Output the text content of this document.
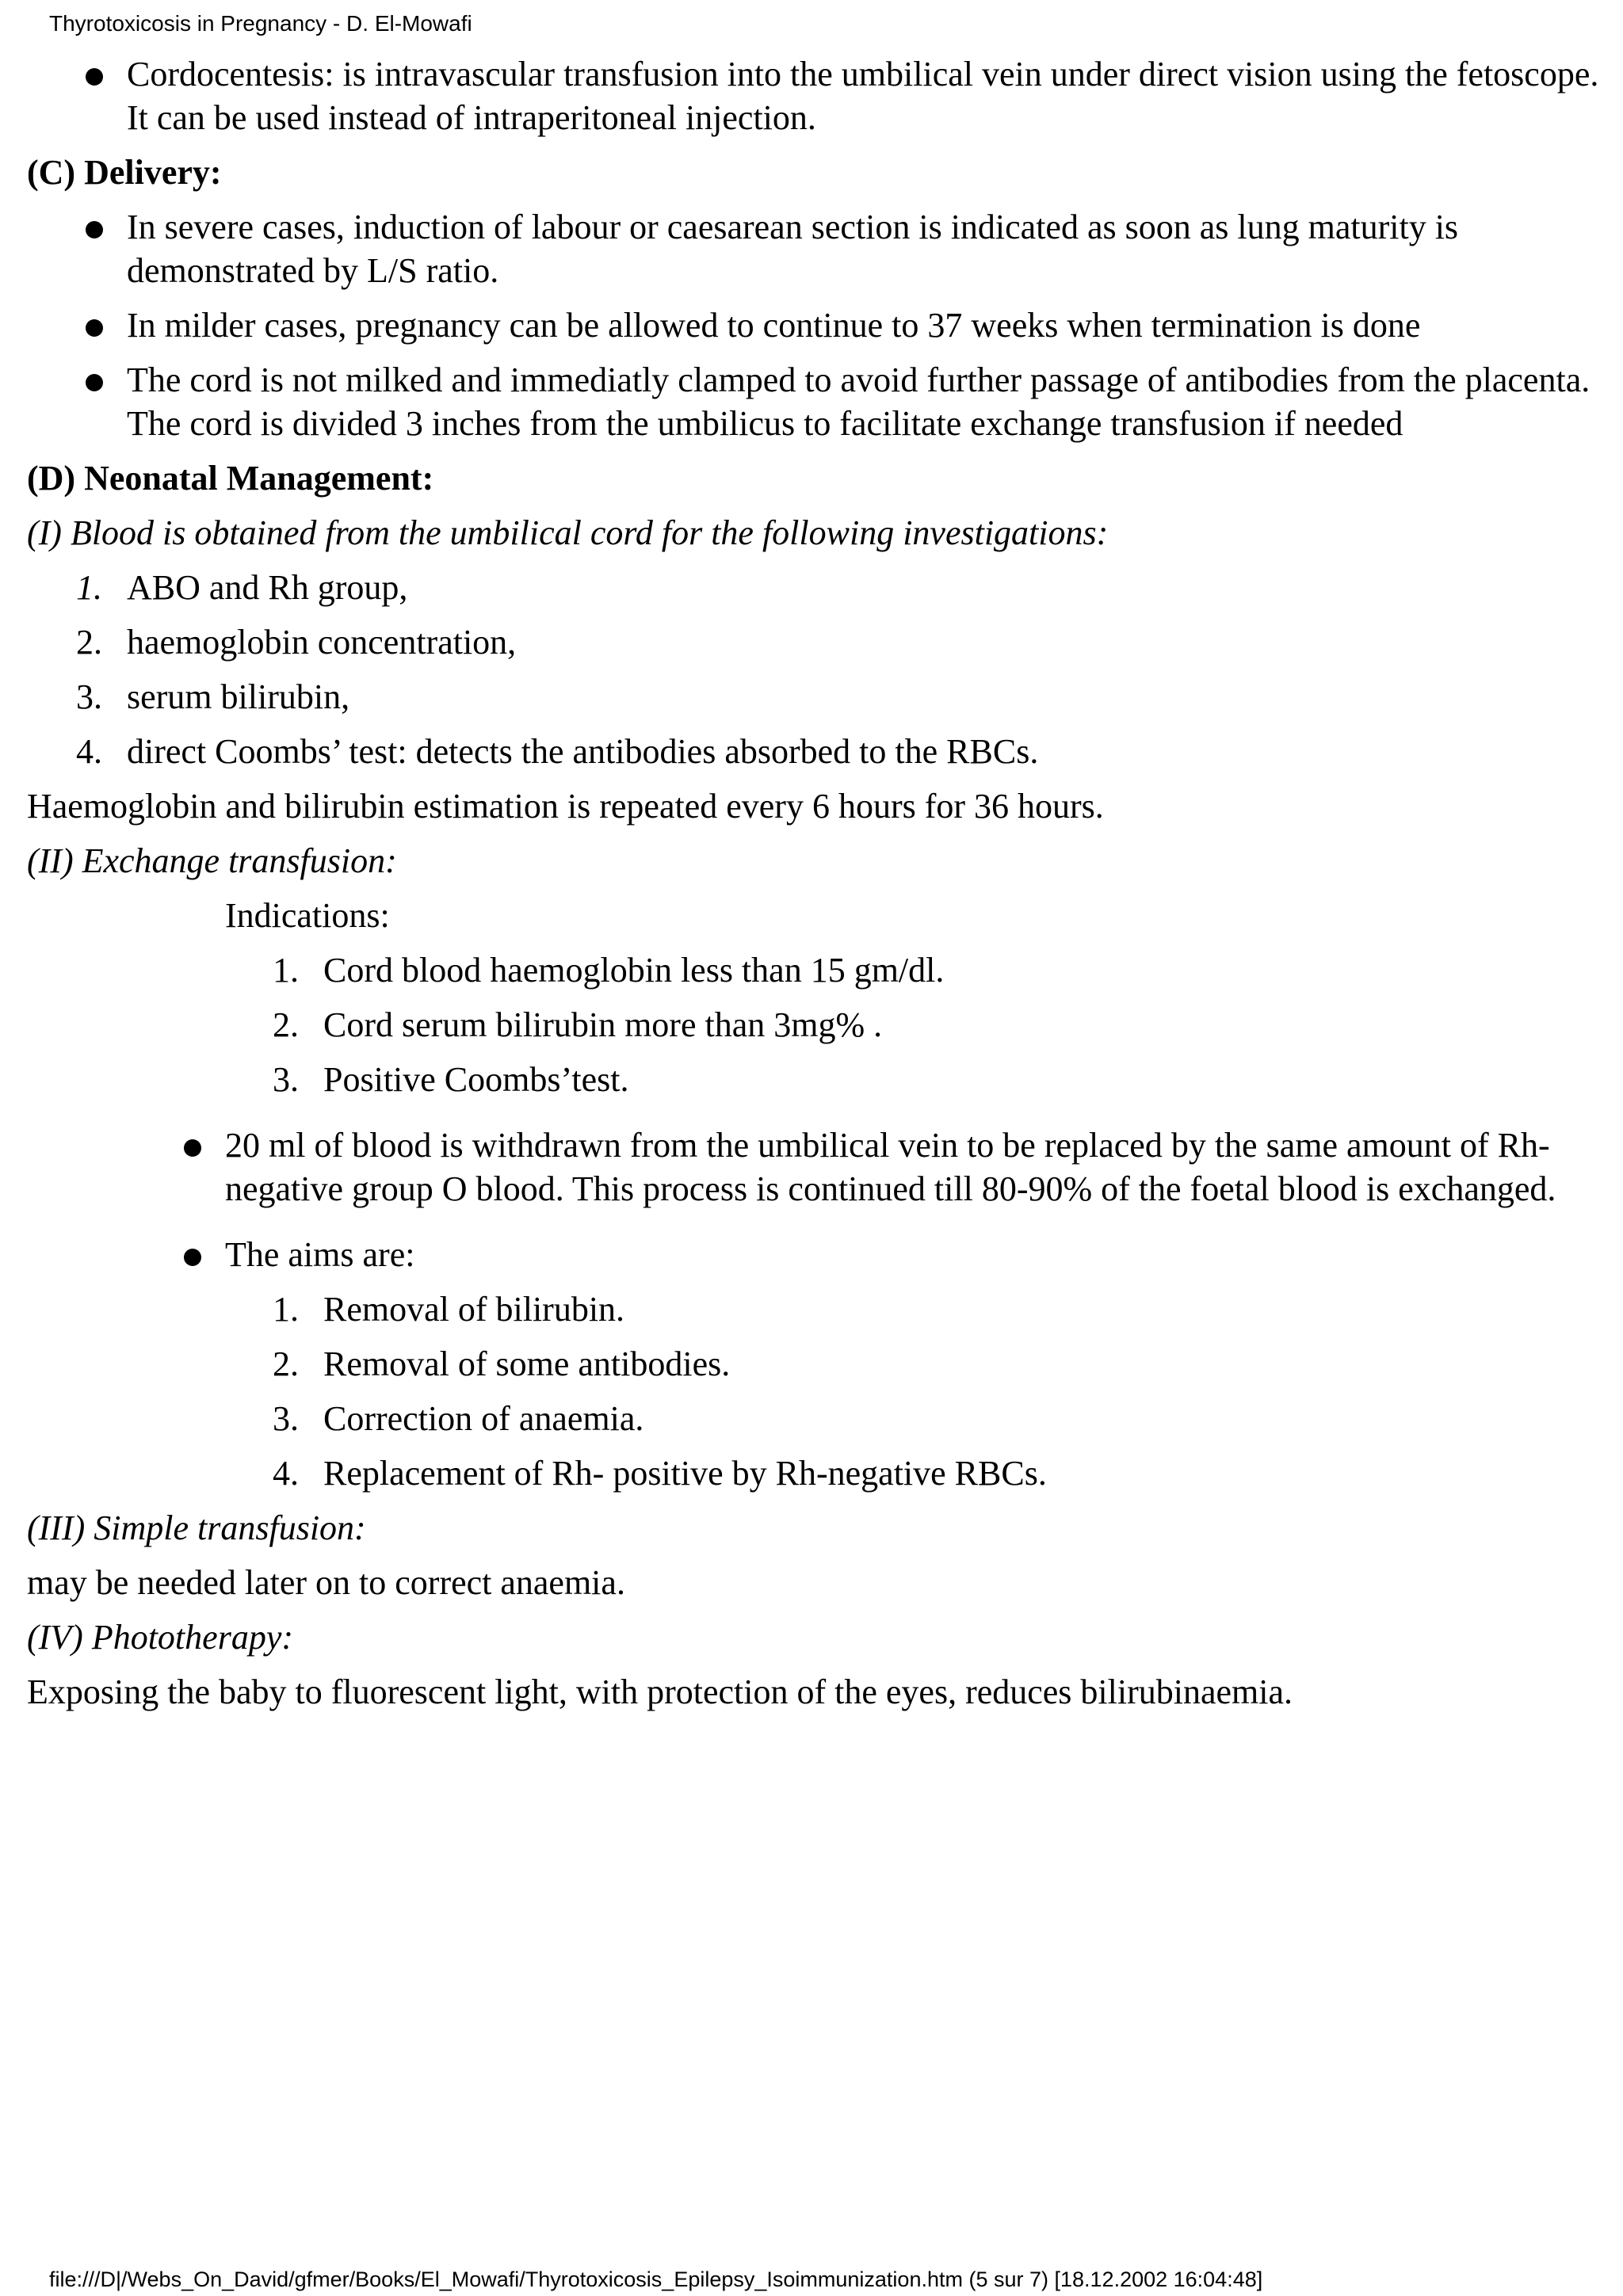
Thyrotoxicosis in Pregnancy - D. El-Mowafi
Cordocentesis: is intravascular transfusion into the umbilical vein under direct vision using the fetoscope. It can be used instead of intraperitoneal injection.
(C) Delivery:
In severe cases, induction of labour or caesarean section is indicated as soon as lung maturity is demonstrated by L/S ratio.
In milder cases, pregnancy can be allowed to continue to 37 weeks when termination is done
The cord is not milked and immediatly clamped to avoid further passage of antibodies from the placenta. The cord is divided 3 inches from the umbilicus to facilitate exchange transfusion if needed
(D) Neonatal Management:
(I) Blood is obtained from the umbilical cord for the following investigations:
1. ABO and Rh group,
2. haemoglobin concentration,
3. serum bilirubin,
4. direct Coombs’ test: detects the antibodies absorbed to the RBCs.
Haemoglobin and bilirubin estimation is repeated every 6 hours for 36 hours.
(II) Exchange transfusion:
Indications:
1. Cord blood haemoglobin less than 15 gm/dl.
2. Cord serum bilirubin more than 3mg% .
3. Positive Coombs’test.
20 ml of blood is withdrawn from the umbilical vein to be replaced by the same amount of Rh-negative group O blood. This process is continued till 80-90% of the foetal blood is exchanged.
The aims are:
1. Removal of bilirubin.
2. Removal of some antibodies.
3. Correction of anaemia.
4. Replacement of Rh- positive by Rh-negative RBCs.
(III) Simple transfusion:
may be needed later on to correct anaemia.
(IV) Phototherapy:
Exposing the baby to fluorescent light, with protection of the eyes, reduces bilirubinaemia.
file:///D|/Webs_On_David/gfmer/Books/El_Mowafi/Thyrotoxicosis_Epilepsy_Isoimmunization.htm (5 sur 7) [18.12.2002 16:04:48]
